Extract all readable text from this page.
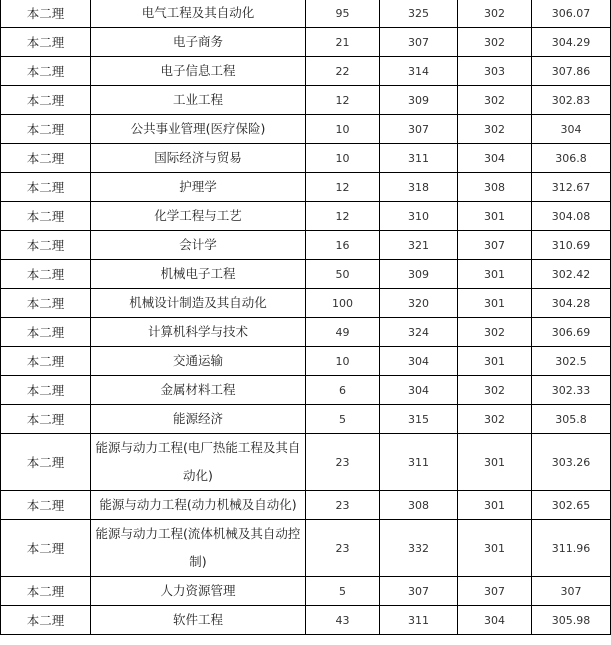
本二理	电气工程及其自动化	95	325	302	306.07
本二理	电子商务	21	307	302	304.29
本二理	电子信息工程	22	314	303	307.86
本二理	工业工程	12	309	302	302.83
本二理	公共事业管理(医疗保险)	10	307	302	304
本二理	国际经济与贸易	10	311	304	306.8
本二理	护理学	12	318	308	312.67
本二理	化学工程与工艺	12	310	301	304.08
本二理	会计学	16	321	307	310.69
本二理	机械电子工程	50	309	301	302.42
本二理	机械设计制造及其自动化	100	320	301	304.28
本二理	计算机科学与技术	49	324	302	306.69
本二理	交通运输	10	304	301	302.5
本二理	金属材料工程	6	304	302	302.33
本二理	能源经济	5	315	302	305.8
本二理	能源与动力工程(电厂热能工程及其自动化)	23	311	301	303.26
本二理	能源与动力工程(动力机械及自动化)	23	308	301	302.65
本二理	能源与动力工程(流体机械及其自动控制)	23	332	301	311.96
本二理	人力资源管理	5	307	307	307
本二理	软件工程	43	311	304	305.98
